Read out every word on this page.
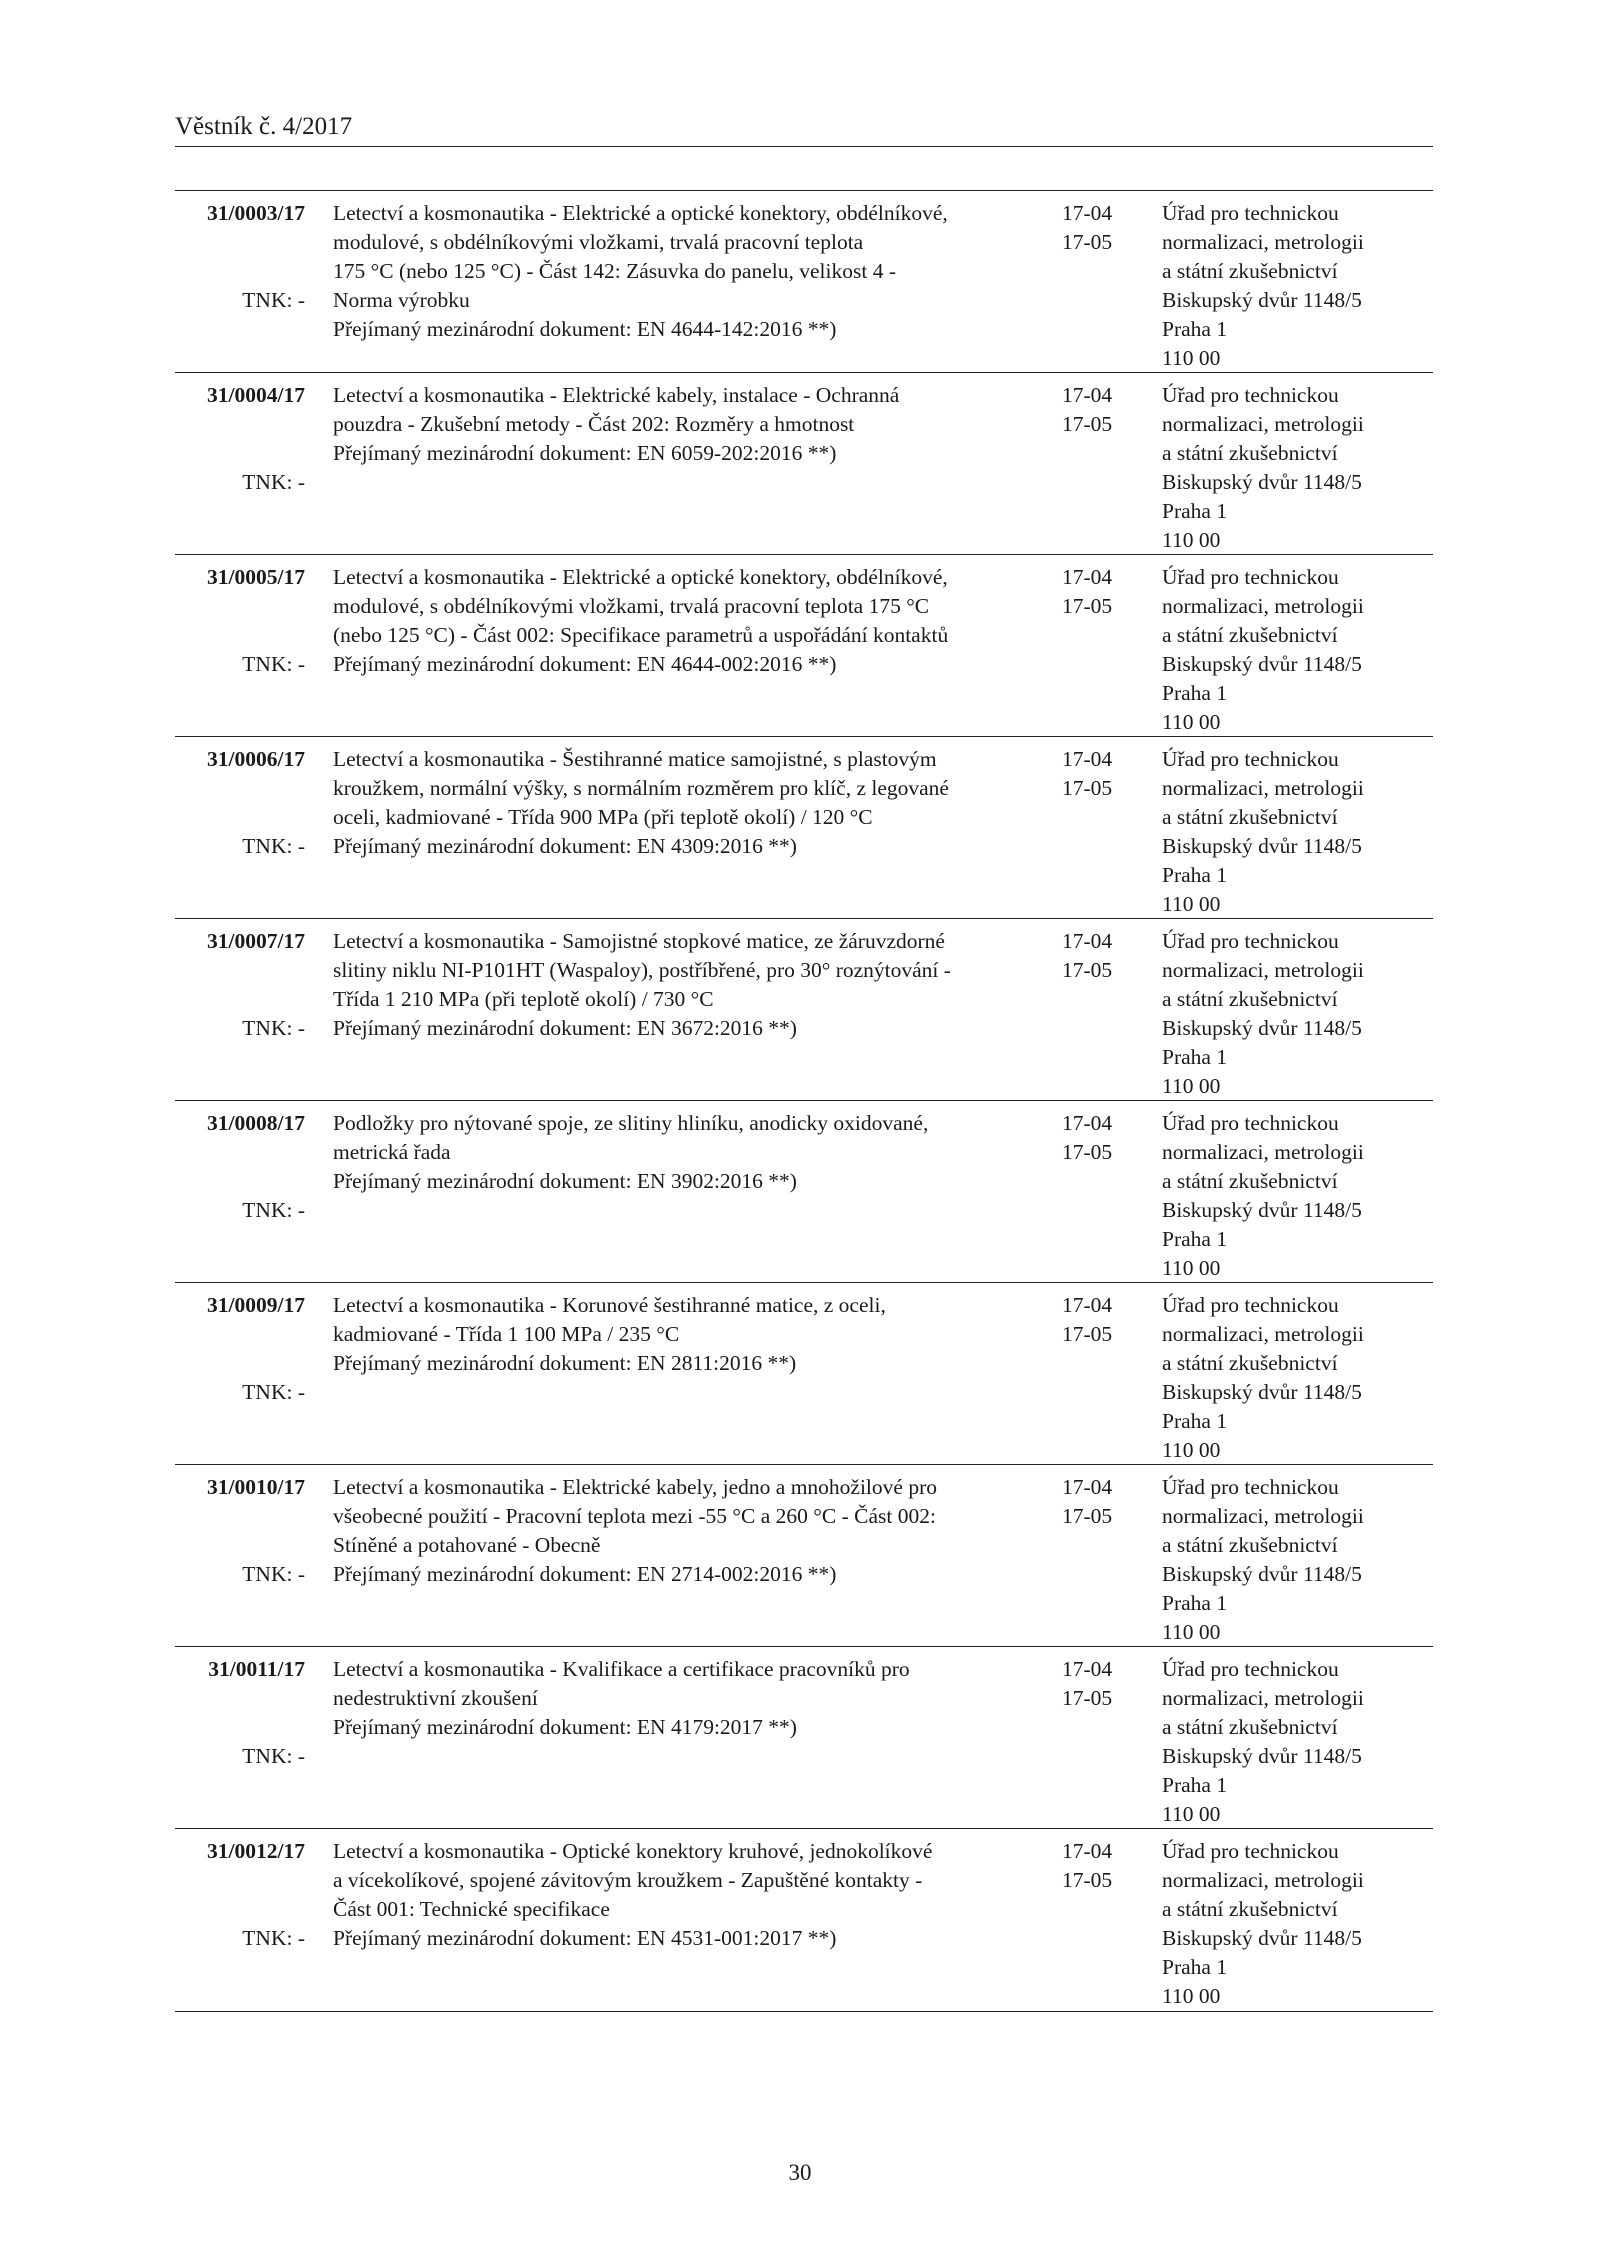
Věstník č. 4/2017
31/0003/17
TNK: -
Letectví a kosmonautika - Elektrické a optické konektory, obdélníkové,
modulové, s obdélníkovými vložkami, trvalá pracovní teplota
175 °C (nebo 125 °C) - Část 142: Zásuvka do panelu, velikost 4 -
Norma výrobku
Přejímaný mezinárodní dokument: EN 4644-142:2016 **)
17-04
17-05
Úřad pro technickou
normalizaci, metrologii
a státní zkušebnictví
Biskupský dvůr 1148/5
Praha 1
110 00
31/0004/17
TNK: -
Letectví a kosmonautika - Elektrické kabely, instalace - Ochranná
pouzdra - Zkušební metody - Část 202: Rozměry a hmotnost
Přejímaný mezinárodní dokument: EN 6059-202:2016 **)
17-04
17-05
Úřad pro technickou
normalizaci, metrologii
a státní zkušebnictví
Biskupský dvůr 1148/5
Praha 1
110 00
31/0005/17
TNK: -
Letectví a kosmonautika - Elektrické a optické konektory, obdélníkové,
modulové, s obdélníkovými vložkami, trvalá pracovní teplota 175 °C
(nebo 125 °C) - Část 002: Specifikace parametrů a uspořádání kontaktů
Přejímaný mezinárodní dokument: EN 4644-002:2016 **)
17-04
17-05
Úřad pro technickou
normalizaci, metrologii
a státní zkušebnictví
Biskupský dvůr 1148/5
Praha 1
110 00
31/0006/17
TNK: -
Letectví a kosmonautika - Šestihranné matice samojistné, s plastovým
kroužkem, normální výšky, s normálním rozměrem pro klíč, z legované
oceli, kadmiované - Třída 900 MPa (při teplotě okolí) / 120 °C
Přejímaný mezinárodní dokument: EN 4309:2016 **)
17-04
17-05
Úřad pro technickou
normalizaci, metrologii
a státní zkušebnictví
Biskupský dvůr 1148/5
Praha 1
110 00
31/0007/17
TNK: -
Letectví a kosmonautika - Samojistné stopkové matice, ze žáruvzdorné
slitiny niklu NI-P101HT (Waspaloy), postříbřené, pro 30° roznýtování -
Třída 1 210 MPa (při teplotě okolí) / 730 °C
Přejímaný mezinárodní dokument: EN 3672:2016 **)
17-04
17-05
Úřad pro technickou
normalizaci, metrologii
a státní zkušebnictví
Biskupský dvůr 1148/5
Praha 1
110 00
31/0008/17
TNK: -
Podložky pro nýtované spoje, ze slitiny hliníku, anodicky oxidované,
metrická řada
Přejímaný mezinárodní dokument: EN 3902:2016 **)
17-04
17-05
Úřad pro technickou
normalizaci, metrologii
a státní zkušebnictví
Biskupský dvůr 1148/5
Praha 1
110 00
31/0009/17
TNK: -
Letectví a kosmonautika - Korunové šestihranné matice, z oceli,
kadmiované - Třída 1 100 MPa / 235 °C
Přejímaný mezinárodní dokument: EN 2811:2016 **)
17-04
17-05
Úřad pro technickou
normalizaci, metrologii
a státní zkušebnictví
Biskupský dvůr 1148/5
Praha 1
110 00
31/0010/17
TNK: -
Letectví a kosmonautika - Elektrické kabely, jedno a mnohožilové pro
všeobecné použití - Pracovní teplota mezi -55 °C a 260 °C - Část 002:
Stíněné a potahované - Obecně
Přejímaný mezinárodní dokument: EN 2714-002:2016 **)
17-04
17-05
Úřad pro technickou
normalizaci, metrologii
a státní zkušebnictví
Biskupský dvůr 1148/5
Praha 1
110 00
31/0011/17
TNK: -
Letectví a kosmonautika - Kvalifikace a certifikace pracovníků pro
nedestruktivní zkoušení
Přejímaný mezinárodní dokument: EN 4179:2017 **)
17-04
17-05
Úřad pro technickou
normalizaci, metrologii
a státní zkušebnictví
Biskupský dvůr 1148/5
Praha 1
110 00
31/0012/17
TNK: -
Letectví a kosmonautika - Optické konektory kruhové, jednokolíkové
a vícekolíkové, spojené závitovým kroužkem - Zapuštěné kontakty -
Část 001: Technické specifikace
Přejímaný mezinárodní dokument: EN 4531-001:2017 **)
17-04
17-05
Úřad pro technickou
normalizaci, metrologii
a státní zkušebnictví
Biskupský dvůr 1148/5
Praha 1
110 00
30
